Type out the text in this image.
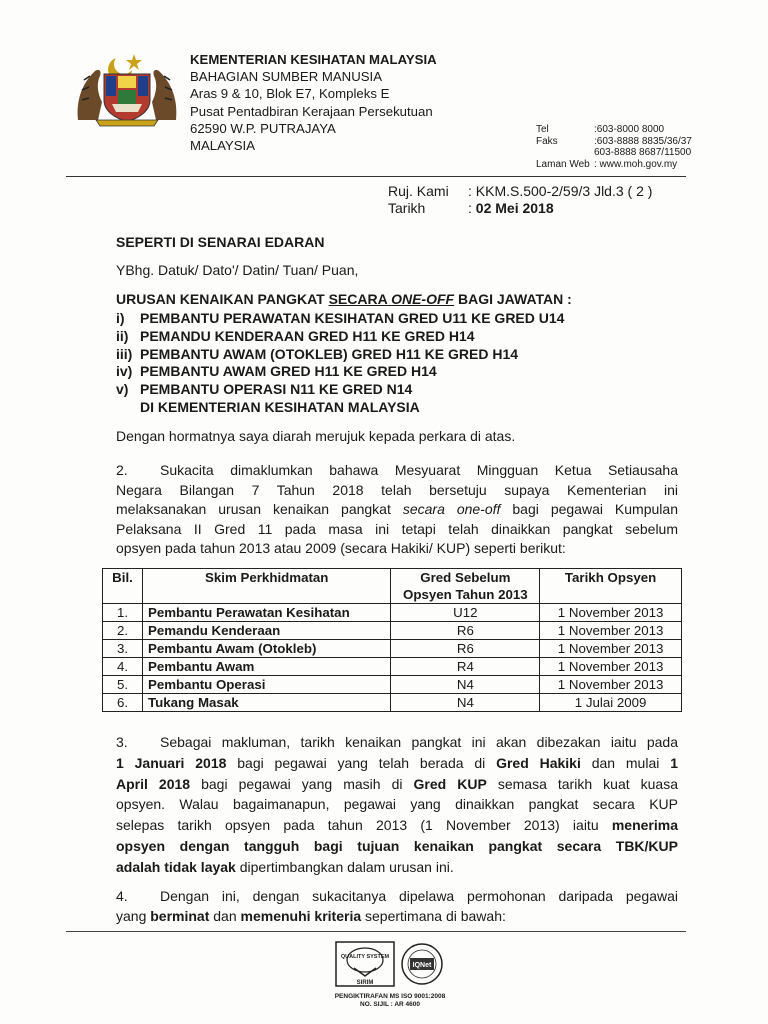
KEMENTERIAN KESIHATAN MALAYSIA
BAHAGIAN SUMBER MANUSIA
Aras 9 & 10, Blok E7, Kompleks E
Pusat Pentadbiran Kerajaan Persekutuan
62590 W.P. PUTRAJAYA
MALAYSIA
Tel	:603-8000 8000
Faks	:603-8888 8835/36/37
603-8888 8687/11500
Laman Web : www.moh.gov.my
Ruj. Kami	: KKM.S.500-2/59/3 Jld.3 ( 2 )
Tarikh	: 02 Mei 2018
SEPERTI DI SENARAI EDARAN
YBhg. Datuk/ Dato'/ Datin/ Tuan/ Puan,
URUSAN KENAIKAN PANGKAT SECARA ONE-OFF BAGI JAWATAN :
i)	PEMBANTU PERAWATAN KESIHATAN GRED U11 KE GRED U14
ii) PEMANDU KENDERAAN GRED H11 KE GRED H14
iii) PEMBANTU AWAM (OTOKLEB) GRED H11 KE GRED H14
iv) PEMBANTU AWAM GRED H11 KE GRED H14
v) PEMBANTU OPERASI N11 KE GRED N14
DI KEMENTERIAN KESIHATAN MALAYSIA
Dengan hormatnya saya diarah merujuk kepada perkara di atas.
2. Sukacita dimaklumkan bahawa Mesyuarat Mingguan Ketua Setiausaha
Negara Bilangan 7 Tahun 2018 telah bersetuju supaya Kementerian ini
melaksanakan urusan kenaikan pangkat secara one-off bagi pegawai Kumpulan
Pelaksana II Gred 11 pada masa ini tetapi telah dinaikkan pangkat sebelum
opsyen pada tahun 2013 atau 2009 (secara Hakiki/ KUP) seperti berikut:
Bil.	Skim Perkhidmatan	Gred Sebelum
Opsyen Tahun 2013	Tarikh Opsyen
1.	Pembantu Perawatan Kesihatan	U12	1 November 2013
2.	Pemandu Kenderaan	R6	1 November 2013
3.	Pembantu Awam (Otokleb)	R6	1 November 2013
4.	Pembantu Awam	R4	1 November 2013
5.	Pembantu Operasi	N4	1 November 2013
6.	Tukang Masak	N4	1 Julai 2009
3. Sebagai makluman, tarikh kenaikan pangkat ini akan dibezakan iaitu pada
1 Januari 2018 bagi pegawai yang telah berada di Gred Hakiki dan mulai 1
April 2018 bagi pegawai yang masih di Gred KUP semasa tarikh kuat kuasa
opsyen. Walau bagaimanapun, pegawai yang dinaikkan pangkat secara KUP
selepas tarikh opsyen pada tahun 2013 (1 November 2013) iaitu menerima
opsyen dengan tangguh bagi tujuan kenaikan pangkat secara TBK/KUP
adalah tidak layak dipertimbangkan dalam urusan ini.
4. Dengan ini, dengan sukacitanya dipelawa permohonan daripada pegawai
yang berminat dan memenuhi kriteria sepertimana di bawah:
QUALITY SYSTEM
SIRIM
IQNet
PENGIKTIRAFAN MS ISO 9001:2008
NO. SIJIL : AR 4600
